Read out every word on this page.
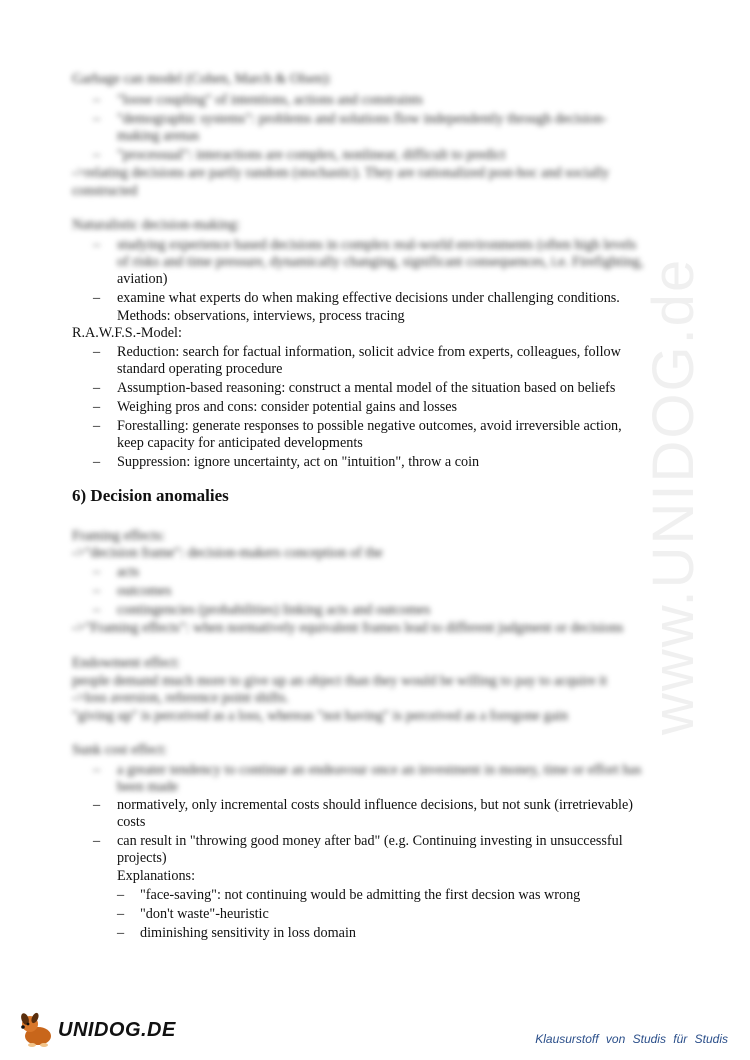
www.UNIDOG.de
Garbage can model (Cohen, March & Olsen):
– "loose coupling" of intentions, actions and constraints
– "demographic systems": problems and solutions flow independently through decision-
making arenas
– "processual": interactions are complex, nonlinear, difficult to predict
->relating decisions are partly random (stochastic). They are rationalized post-hoc and socially
constructed
Naturalistic decision-making:
– studying experience based decisions in complex real-world environments (often high levels
of risks and time pressure, dynamically changing, significant consequences, i.e. Firefighting,
aviation)
– examine what experts do when making effective decisions under challenging conditions.
Methods: observations, interviews, process tracing
R.A.W.F.S.-Model:
– Reduction: search for factual information, solicit advice from experts, colleagues, follow
standard operating procedure
– Assumption-based reasoning: construct a mental model of the situation based on beliefs
– Weighing pros and cons: consider potential gains and losses
– Forestalling: generate responses to possible negative outcomes, avoid irreversible action,
keep capacity for anticipated developments
– Suppression: ignore uncertainty, act on "intuition", throw a coin
6) Decision anomalies
Framing effects:
->"decision frame": decision-makers conception of the
– acts
– outcomes
– contingencies (probabilities) linking acts and outcomes
->"Framing effects": when normatively equivalent frames lead to different judgment or decisions
Endowment effect:
people demand much more to give up an object than they would be willing to pay to acquire it
->loss aversion, reference point shifts.
"giving up" is perceived as a loss, whereas "not having" is perceived as a foregone gain
Sunk cost effect:
– a greater tendency to continue an endeavour once an investment in money, time or effort has
been made
– normatively, only incremental costs should influence decisions, but not sunk (irretrievable)
costs
– can result in "throwing good money after bad" (e.g. Continuing investing in unsuccessful
projects)
Explanations:
– "face-saving": not continuing would be admitting the first decsion was wrong
– "don't waste"-heuristic
– diminishing sensitivity in loss domain
UNIDOG.DE	Klausurstoff von Studis für Studis
